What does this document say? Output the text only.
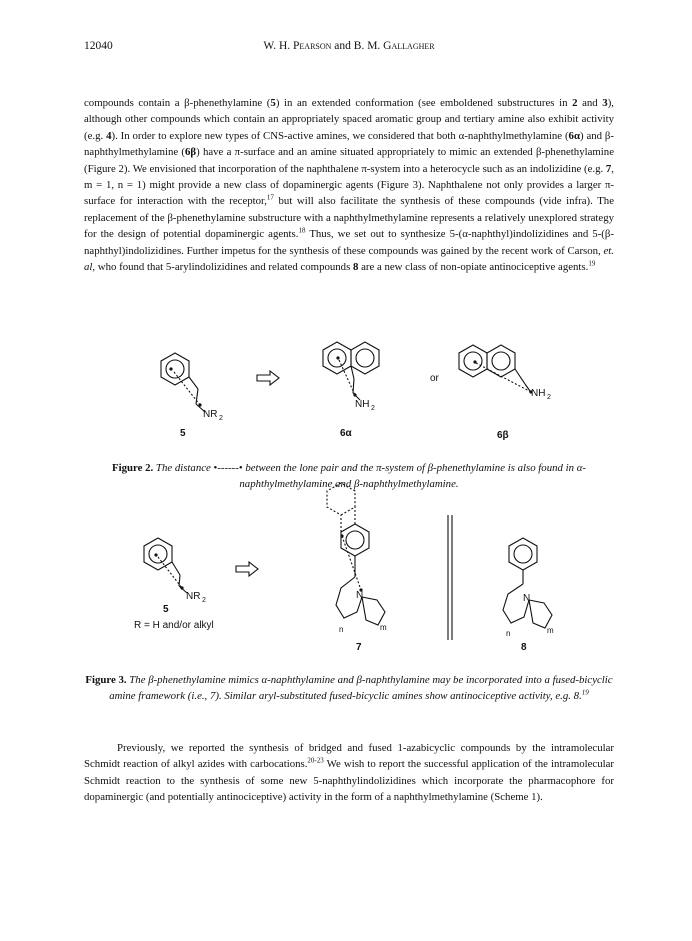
12040	W. H. Pearson and B. M. Gallagher

compounds contain a β-phenethylamine (5) in an extended conformation (see emboldened substructures in 2 and 3), although other compounds which contain an appropriately spaced aromatic group and tertiary amine also exhibit activity (e.g. 4). In order to explore new types of CNS-active amines, we considered that both α-naphthylmethylamine (6α) and β-naphthylmethylamine (6β) have a π-surface and an amine situated appropriately to mimic an extended β-phenethylamine (Figure 2). We envisioned that incorporation of the naphthalene π-system into a heterocycle such as an indolizidine (e.g. 7, m = 1, n = 1) might provide a new class of dopaminergic agents (Figure 3). Naphthalene not only provides a larger π-surface for interaction with the receptor,$^{17}$ but will also facilitate the synthesis of these compounds (vide infra). The replacement of the β-phenethylamine substructure with a naphthylmethylamine represents a relatively unexplored strategy for the design of potential dopaminergic agents.$^{18}$ Thus, we set out to synthesize 5-(α-naphthyl)indolizidines and 5-(β-naphthyl)indolizidines. Further impetus for the synthesis of these compounds was gained by the recent work of Carson, et. al, who found that 5-arylindolizidines and related compounds 8 are a new class of non-opiate antinociceptive agents.$^{19}$

NR 2
NH 2
or
NH 2
5	6α	6β
NR 2
5
R = H and/or alkyl
N
m
n
7
N
m
n
8

Figure 2. The distance •------• between the lone pair and the π-system of β-phenethylamine is also found in α-naphthylmethylamine and β-naphthylmethylamine.

Figure 3. The β-phenethylamine mimics α-naphthylamine and β-naphthylamine may be incorporated into a fused-bicyclic amine framework (i.e., 7). Similar aryl-substituted fused-bicyclic amines show antinociceptive activity, e.g. 8.19

Previously, we reported the synthesis of bridged and fused 1-azabicyclic compounds by the intramolecular Schmidt reaction of alkyl azides with carbocations.$^{20-23}$ We wish to report the successful application of the intramolecular Schmidt reaction to the synthesis of some new 5-naphthylindolizidines which incorporate the pharmacophore for dopaminergic (and potentially antinociceptive) activity in the form of a naphthylmethylamine (Scheme 1).
